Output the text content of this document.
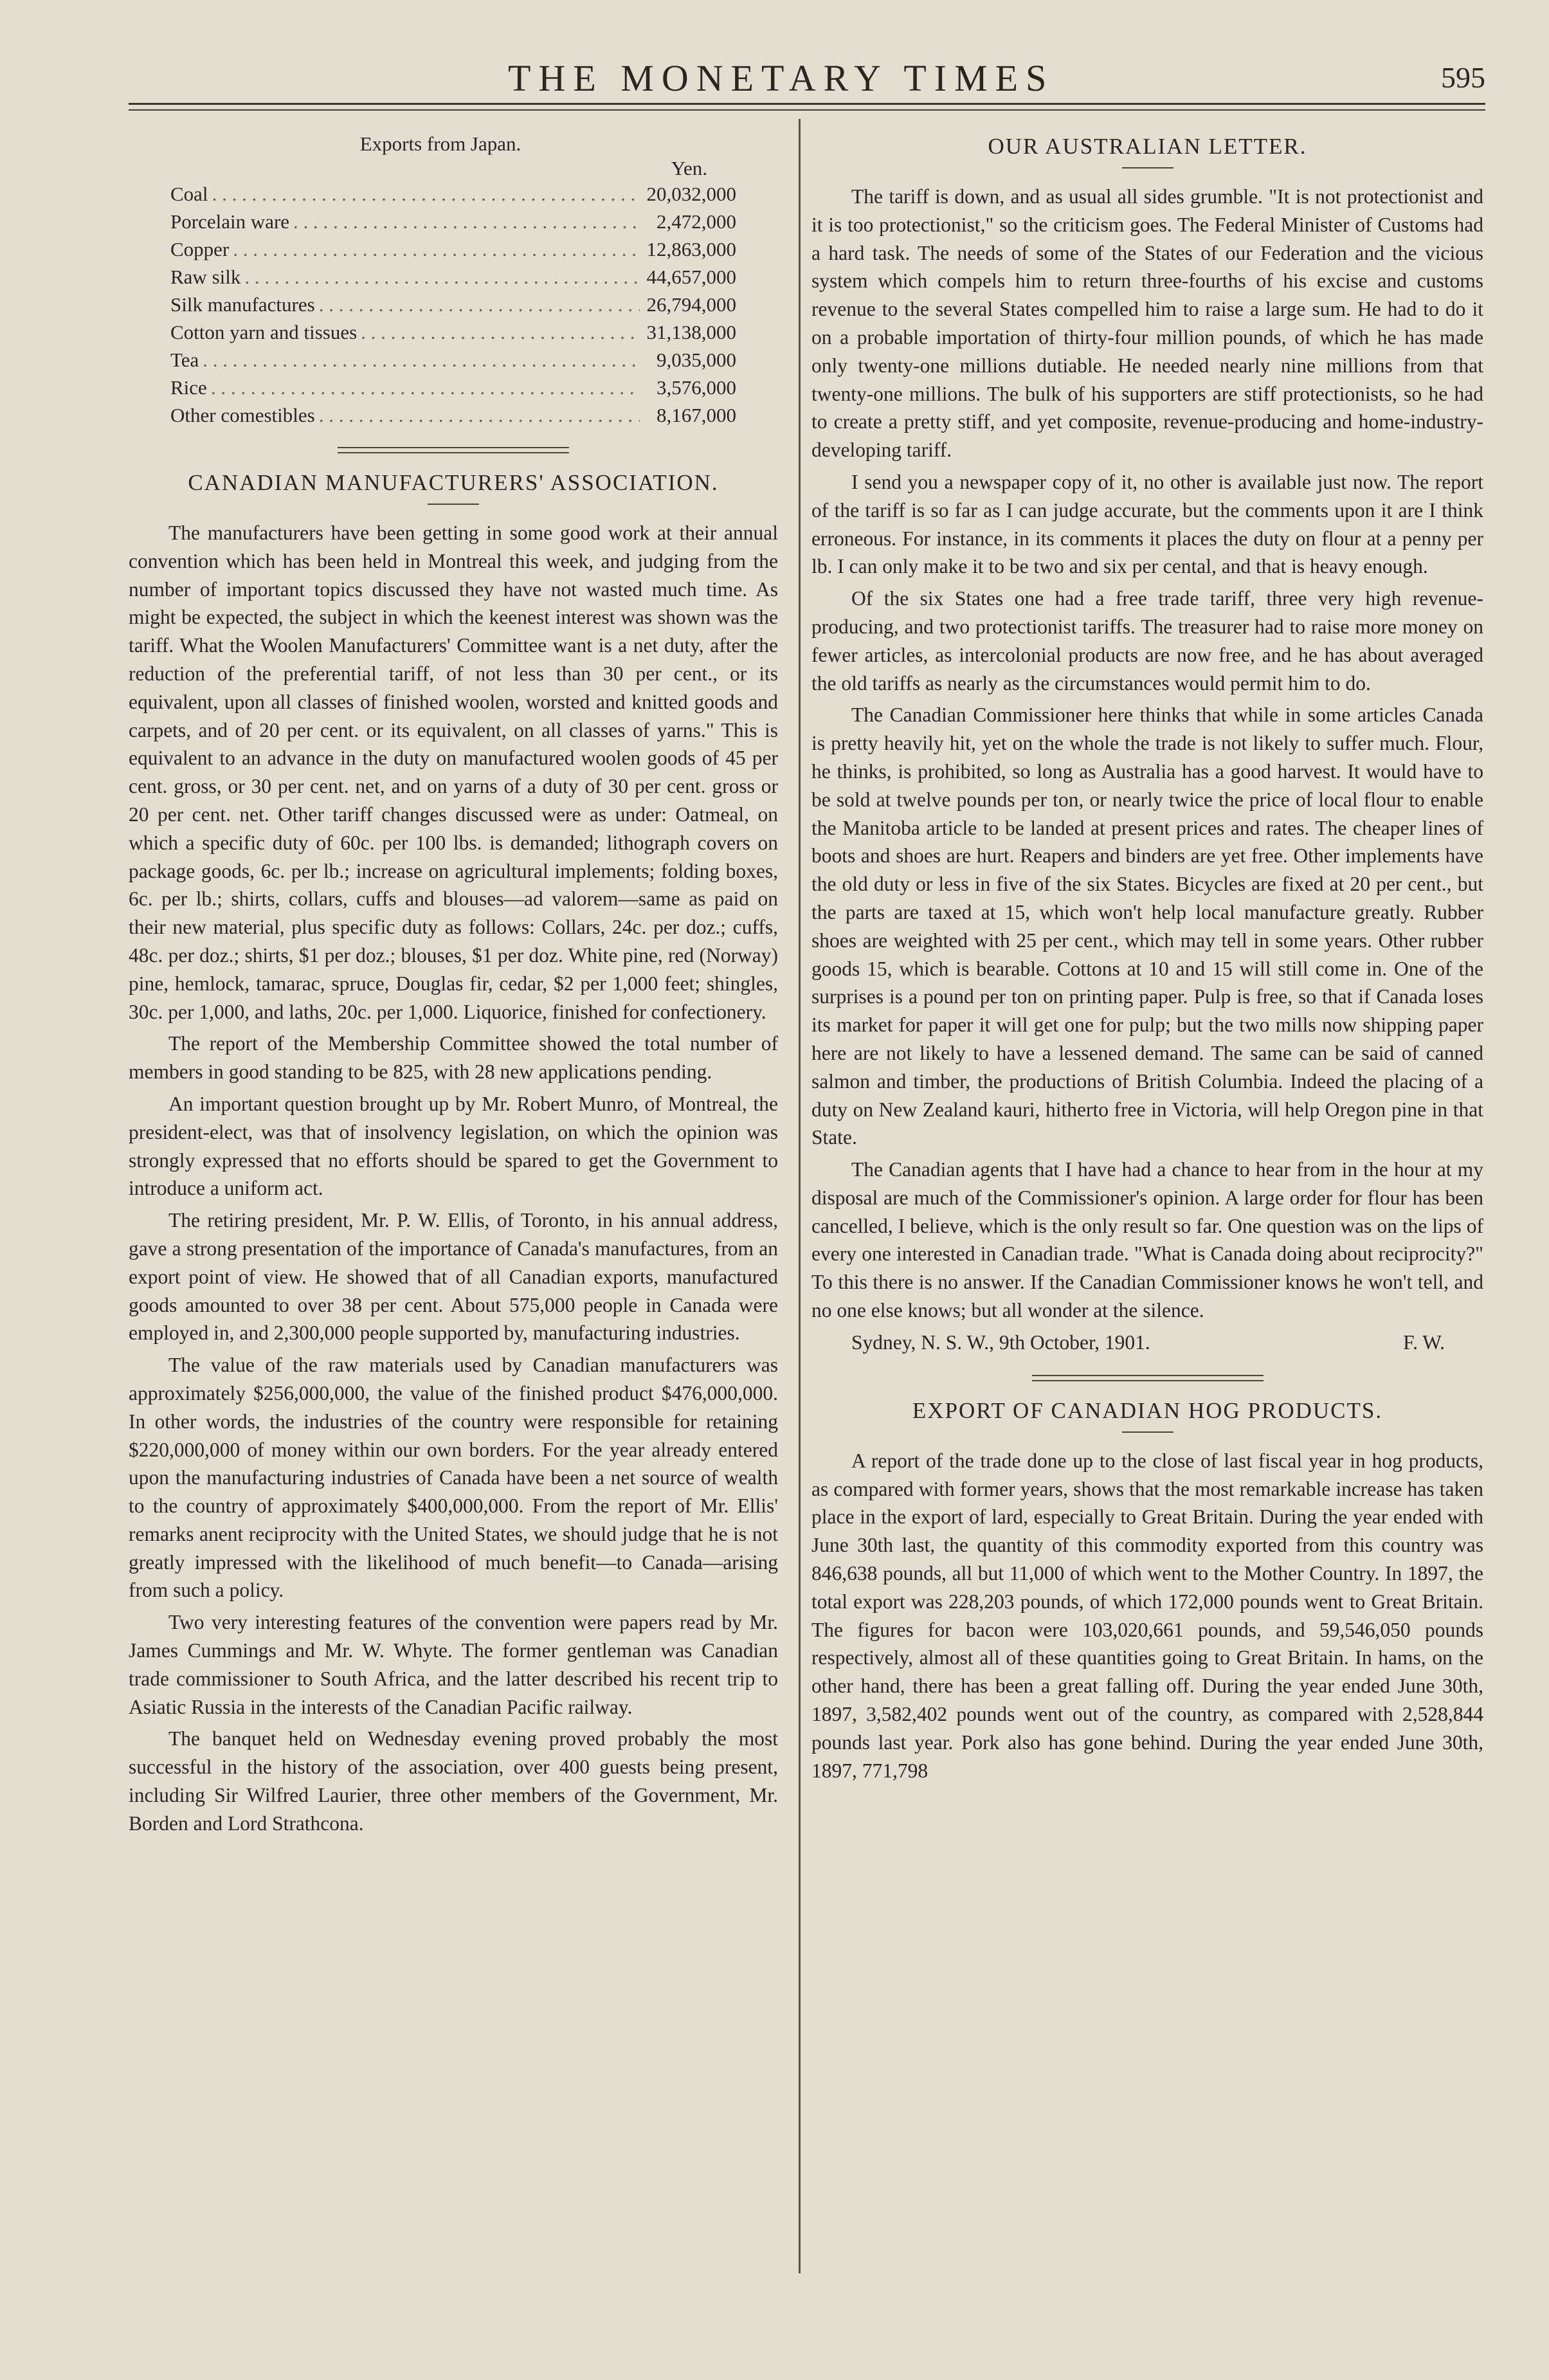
THE MONETARY TIMES	595
Exports from Japan.
Yen.
Coal . . .	20,032,000
Porcelain ware . . .	2,472,000
Copper . . .	12,863,000
Raw silk . . .	44,657,000
Silk manufactures . . .	26,794,000
Cotton yarn and tissues . . .	31,138,000
Tea . . .	9,035,000
Rice . . .	3,576,000
Other comestibles . . .	8,167,000
CANADIAN MANUFACTURERS' ASSOCIATION.

The manufacturers have been getting in some good work at their annual convention which has been held in Montreal this week, and judging from the number of important topics discussed they have not wasted much time. As might be expected, the subject in which the keenest interest was shown was the tariff. What the Woolen Manufacturers' Committee want is a net duty, after the reduction of the preferential tariff, of not less than 30 per cent., or its equivalent, upon all classes of finished woolen, worsted and knitted goods and carpets, and of 20 per cent. or its equivalent, on all classes of yarns." This is equivalent to an advance in the duty on manufactured woolen goods of 45 per cent. gross, or 30 per cent. net, and on yarns of a duty of 30 per cent. gross or 20 per cent. net. Other tariff changes discussed were as under: Oatmeal, on which a specific duty of 60c. per 100 lbs. is demanded; lithograph covers on package goods, 6c. per lb.; increase on agricultural implements; folding boxes, 6c. per lb.; shirts, collars, cuffs and blouses—ad valorem—same as paid on their new material, plus specific duty as follows: Collars, 24c. per doz.; cuffs, 48c. per doz.; shirts, $1 per doz.; blouses, $1 per doz. White pine, red (Norway) pine, hemlock, tamarac, spruce, Douglas fir, cedar, $2 per 1,000 feet; shingles, 30c. per 1,000, and laths, 20c. per 1,000. Liquorice, finished for confectionery.

The report of the Membership Committee showed the total number of members in good standing to be 825, with 28 new applications pending.

An important question brought up by Mr. Robert Munro, of Montreal, the president-elect, was that of insolvency legislation, on which the opinion was strongly expressed that no efforts should be spared to get the Government to introduce a uniform act.

The retiring president, Mr. P. W. Ellis, of Toronto, in his annual address, gave a strong presentation of the importance of Canada's manufactures, from an export point of view. He showed that of all Canadian exports, manufactured goods amounted to over 38 per cent. About 575,000 people in Canada were employed in, and 2,300,000 people supported by, manufacturing industries.

The value of the raw materials used by Canadian manufacturers was approximately $256,000,000, the value of the finished product $476,000,000. In other words, the industries of the country were responsible for retaining $220,000,000 of money within our own borders. For the year already entered upon the manufacturing industries of Canada have been a net source of wealth to the country of approximately $400,000,000. From the report of Mr. Ellis' remarks anent reciprocity with the United States, we should judge that he is not greatly impressed with the likelihood of much benefit—to Canada—arising from such a policy.

Two very interesting features of the convention were papers read by Mr. James Cummings and Mr. W. Whyte. The former gentleman was Canadian trade commissioner to South Africa, and the latter described his recent trip to Asiatic Russia in the interests of the Canadian Pacific railway.

The banquet held on Wednesday evening proved probably the most successful in the history of the association, over 400 guests being present, including Sir Wilfred Laurier, three other members of the Government, Mr. Borden and Lord Strathcona.

OUR AUSTRALIAN LETTER.

The tariff is down, and as usual all sides grumble. "It is not protectionist and it is too protectionist," so the criticism goes. The Federal Minister of Customs had a hard task. The needs of some of the States of our Federation and the vicious system which compels him to return three-fourths of his excise and customs revenue to the several States compelled him to raise a large sum. He had to do it on a probable importation of thirty-four million pounds, of which he has made only twenty-one millions dutiable. He needed nearly nine millions from that twenty-one millions. The bulk of his supporters are stiff protectionists, so he had to create a pretty stiff, and yet composite, revenue-producing and home-industry-developing tariff.

I send you a newspaper copy of it, no other is available just now. The report of the tariff is so far as I can judge accurate, but the comments upon it are I think erroneous. For instance, in its comments it places the duty on flour at a penny per lb. I can only make it to be two and six per cental, and that is heavy enough.

Of the six States one had a free trade tariff, three very high revenue-producing, and two protectionist tariffs. The treasurer had to raise more money on fewer articles, as intercolonial products are now free, and he has about averaged the old tariffs as nearly as the circumstances would permit him to do.

The Canadian Commissioner here thinks that while in some articles Canada is pretty heavily hit, yet on the whole the trade is not likely to suffer much. Flour, he thinks, is prohibited, so long as Australia has a good harvest. It would have to be sold at twelve pounds per ton, or nearly twice the price of local flour to enable the Manitoba article to be landed at present prices and rates. The cheaper lines of boots and shoes are hurt. Reapers and binders are yet free. Other implements have the old duty or less in five of the six States. Bicycles are fixed at 20 per cent., but the parts are taxed at 15, which won't help local manufacture greatly. Rubber shoes are weighted with 25 per cent., which may tell in some years. Other rubber goods 15, which is bearable. Cottons at 10 and 15 will still come in. One of the surprises is a pound per ton on printing paper. Pulp is free, so that if Canada loses its market for paper it will get one for pulp; but the two mills now shipping paper here are not likely to have a lessened demand. The same can be said of canned salmon and timber, the productions of British Columbia. Indeed the placing of a duty on New Zealand kauri, hitherto free in Victoria, will help Oregon pine in that State.

The Canadian agents that I have had a chance to hear from in the hour at my disposal are much of the Commissioner's opinion. A large order for flour has been cancelled, I believe, which is the only result so far. One question was on the lips of every one interested in Canadian trade. "What is Canada doing about reciprocity?" To this there is no answer. If the Canadian Commissioner knows he won't tell, and no one else knows; but all wonder at the silence.

Sydney, N. S. W., 9th October, 1901.	F. W.
EXPORT OF CANADIAN HOG PRODUCTS.

A report of the trade done up to the close of last fiscal year in hog products, as compared with former years, shows that the most remarkable increase has taken place in the export of lard, especially to Great Britain. During the year ended with June 30th last, the quantity of this commodity exported from this country was 846,638 pounds, all but 11,000 of which went to the Mother Country. In 1897, the total export was 228,203 pounds, of which 172,000 pounds went to Great Britain. The figures for bacon were 103,020,661 pounds, and 59,546,050 pounds respectively, almost all of these quantities going to Great Britain. In hams, on the other hand, there has been a great falling off. During the year ended June 30th, 1897, 3,582,402 pounds went out of the country, as compared with 2,528,844 pounds last year. Pork also has gone behind. During the year ended June 30th, 1897, 771,798
